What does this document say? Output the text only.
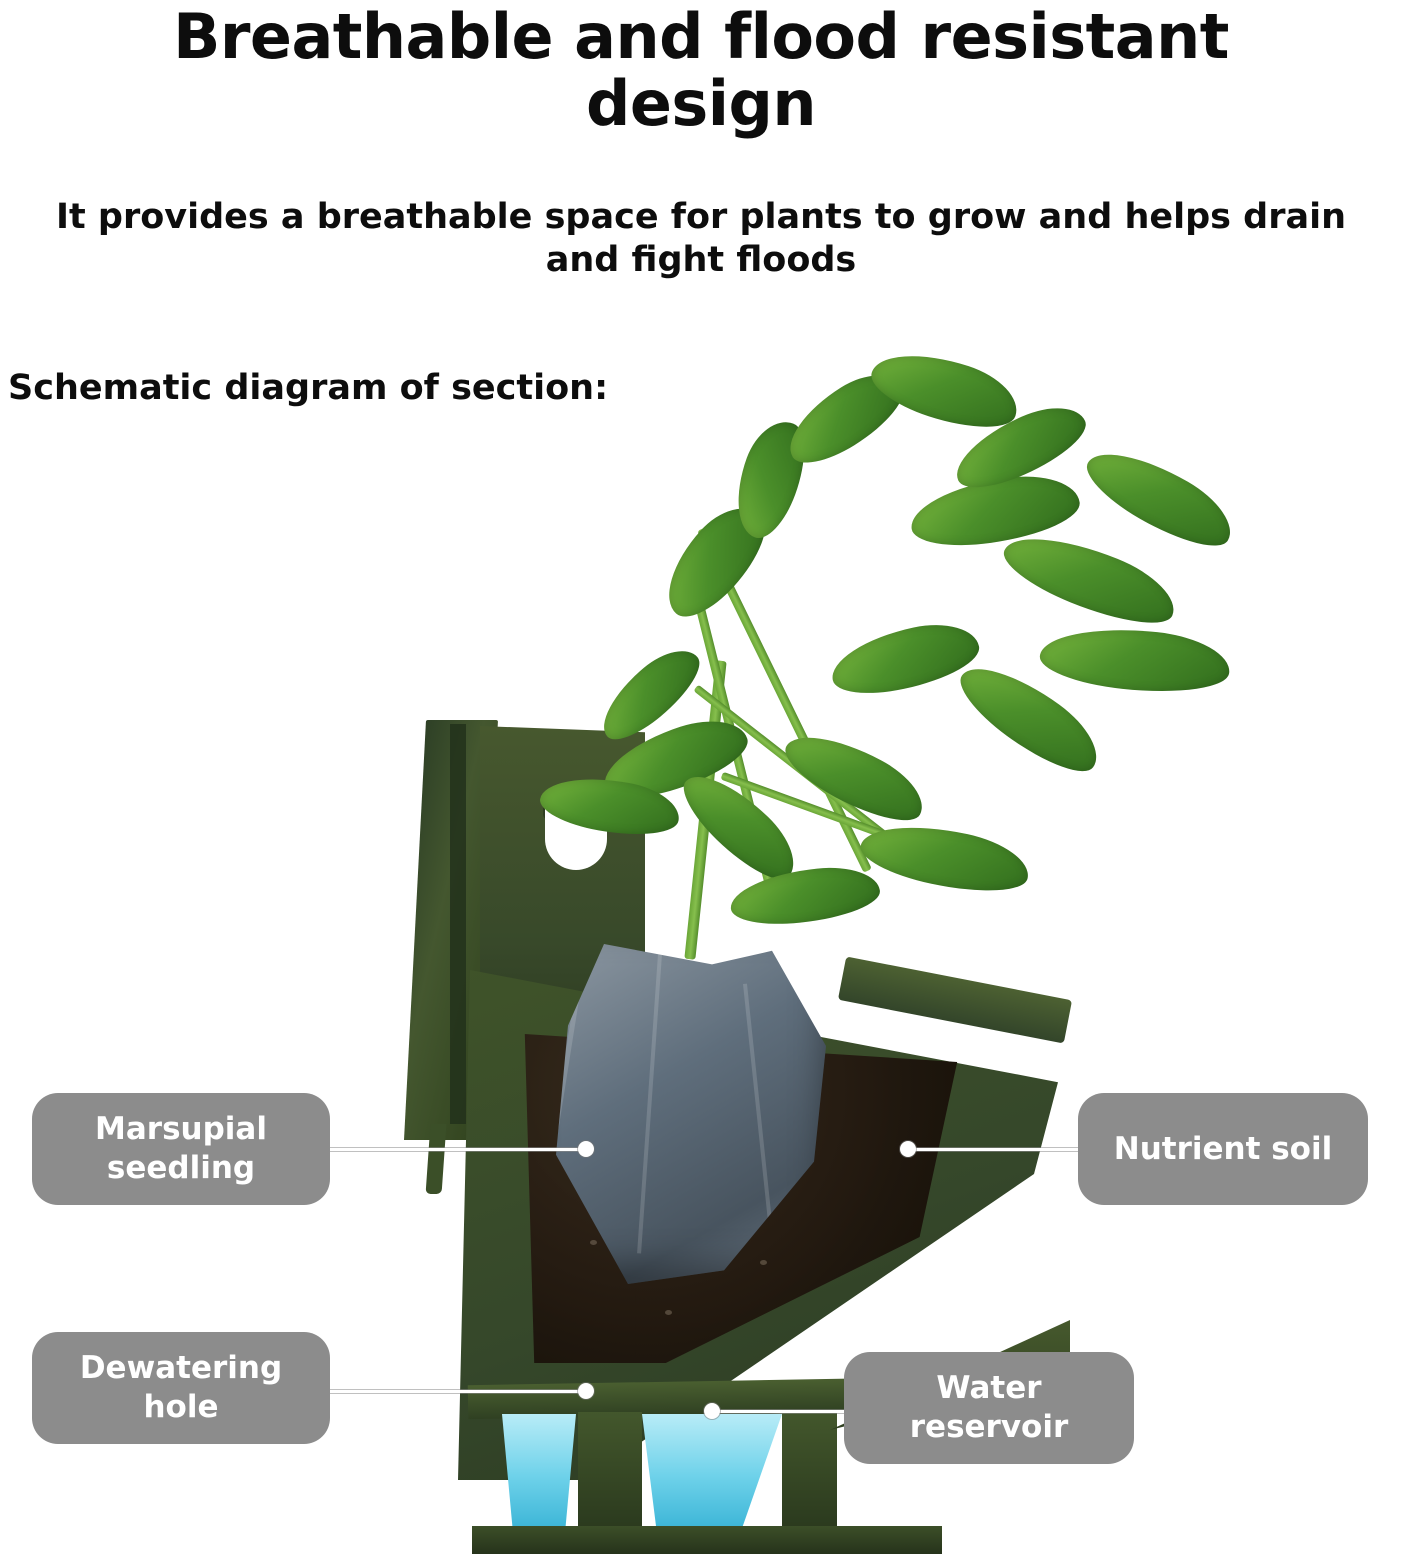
Breathable and flood resistant design
It provides a breathable space for plants to grow and helps drain and fight floods
Schematic diagram of section:
Marsupial seedling
Nutrient soil
Dewatering hole
Water reservoir
